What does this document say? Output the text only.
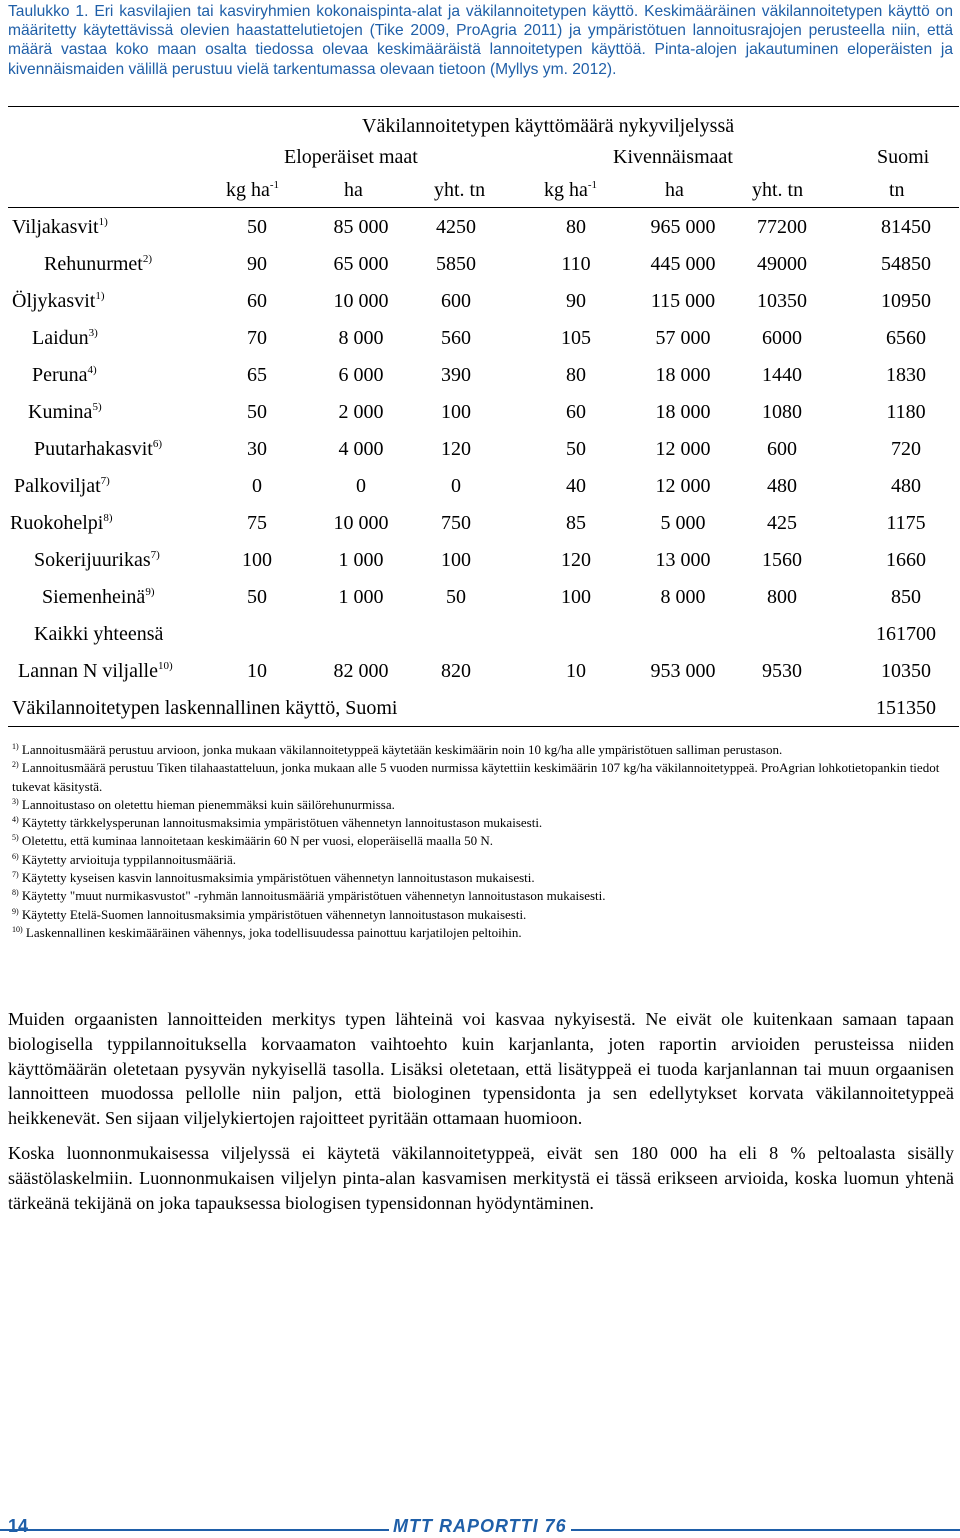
Taulukko 1. Eri kasvilajien tai kasviryhmien kokonaispinta-alat ja väkilannoitetypen käyttö. Keskimääräinen väkilannoitetypen käyttö on määritetty käytettävissä olevien haastattelutietojen (Tike 2009, ProAgria 2011) ja ympäristötuen lannoitusrajojen perusteella niin, että määrä vastaa koko maan osalta tiedossa olevaa keskimääräistä lannoitetypen käyttöä. Pinta-alojen jakautuminen eloperäisten ja kivennäismaiden välillä perustuu vielä tarkentumassa olevaan tietoon (Myllys ym. 2012).
Väkilannoitetypen käyttömäärä nykyviljelyssä
Eloperäiset maat	Kivennäismaat	Suomi
kg $ha^{-1}$	ha	yht. tn	kg $ha^{-1}$	ha	yht. tn	tn
Viljakasvit$^{1)}$	50	85 000	4250	80	965 000	77200	81450
Rehunurmet$^{2)}$	90	65 000	5850	110	445 000	49000	54850
Öljykasvit$^{1)}$	60	10 000	600	90	115 000	10350	10950
Laidun$^{3)}$	70	8 000	560	105	57 000	6000	6560
Peruna$^{4)}$	65	6 000	390	80	18 000	1440	1830
Kumina$^{5)}$	50	2 000	100	60	18 000	1080	1180
Puutarhakasvit$^{6)}$	30	4 000	120	50	12 000	600	720
Palkoviljat$^{7)}$	0	0	0	40	12 000	480	480
Ruokohelpi$^{8)}$	75	10 000	750	85	5 000	425	1175
Sokerijuurikas$^{7)}$	100	1 000	100	120	13 000	1560	1660
Siemenheinä$^{9)}$	50	1 000	50	100	8 000	800	850
Kaikki yhteensä	161700
Lannan N viljalle$^{10)}$	10	82 000	820	10	953 000	9530	10350
Väkilannoitetypen laskennallinen käyttö, Suomi	151350

$^{1)}$ Lannoitusmäärä perustuu arvioon, jonka mukaan väkilannoitetyppeä käytetään keskimäärin noin 10 kg/ha alle ympäristötuen salliman perustason.

$^{2)}$ Lannoitusmäärä perustuu Tiken tilahaastatteluun, jonka mukaan alle 5 vuoden nurmissa käytettiin keskimäärin 107 kg/ha väkilannoitetyppeä. ProAgrian lohkotietopankin tiedot tukevat käsitystä.

$^{3)}$ Lannoitustaso on oletettu hieman pienemmäksi kuin säilörehunurmissa.

$^{4)}$ Käytetty tärkkelysperunan lannoitusmaksimia ympäristötuen vähennetyn lannoitustason mukaisesti.

$^{5)}$ Oletettu, että kuminaa lannoitetaan keskimäärin 60 N per vuosi, eloperäisellä maalla 50 N.

$^{6)}$ Käytetty arvioituja typpilannoitusmääriä.

$^{7)}$ Käytetty kyseisen kasvin lannoitusmaksimia ympäristötuen vähennetyn lannoitustason mukaisesti.

$^{8)}$ Käytetty "muut nurmikasvustot" -ryhmän lannoitusmääriä ympäristötuen vähennetyn lannoitustason mukaisesti.

$^{9)}$ Käytetty Etelä-Suomen lannoitusmaksimia ympäristötuen vähennetyn lannoitustason mukaisesti.

$^{10)}$ Laskennallinen keskimääräinen vähennys, joka todellisuudessa painottuu karjatilojen peltoihin.

Muiden orgaanisten lannoitteiden merkitys typen lähteinä voi kasvaa nykyisestä. Ne eivät ole kuitenkaan samaan tapaan biologisella typpilannoituksella korvaamaton vaihtoehto kuin karjanlanta, joten raportin arvioiden perusteissa niiden käyttömäärän oletetaan pysyvän nykyisellä tasolla. Lisäksi oletetaan, että lisätyppeä ei tuoda karjanlannan tai muun orgaanisen lannoitteen muodossa pellolle niin paljon, että biologinen typensidonta ja sen edellytykset korvata väkilannoitetyppeä heikkenevät. Sen sijaan viljelykiertojen rajoitteet pyritään ottamaan huomioon.

Koska luonnonmukaisessa viljelyssä ei käytetä väkilannoitetyppeä, eivät sen 180 000 ha eli 8 % peltoalasta sisälly säästölaskelmiin. Luonnonmukaisen viljelyn pinta-alan kasvamisen merkitystä ei tässä erikseen arvioida, koska luomun yhtenä tärkeänä tekijänä on joka tapauksessa biologisen typensidonnan hyödyntäminen.

14	MTT RAPORTTI 76
